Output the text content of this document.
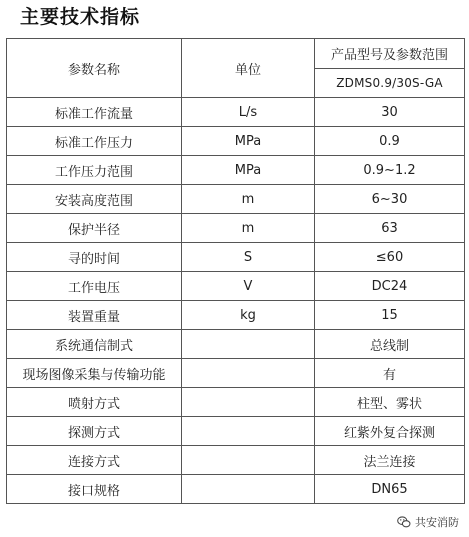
主要技术指标
参数名称	单位	产品型号及参数范围
		ZDMS0.9/30S-GA
标准工作流量	L/s	30
标准工作压力	MPa	0.9
工作压力范围	MPa	0.9~1.2
安装高度范围	m	6~30
保护半径	m	63
寻的时间	S	≤60
工作电压	V	DC24
装置重量	kg	15
系统通信制式		总线制
现场图像采集与传输功能		有
喷射方式		柱型、雾状
探测方式		红紫外复合探测
连接方式		法兰连接
接口规格		DN65
共安消防
